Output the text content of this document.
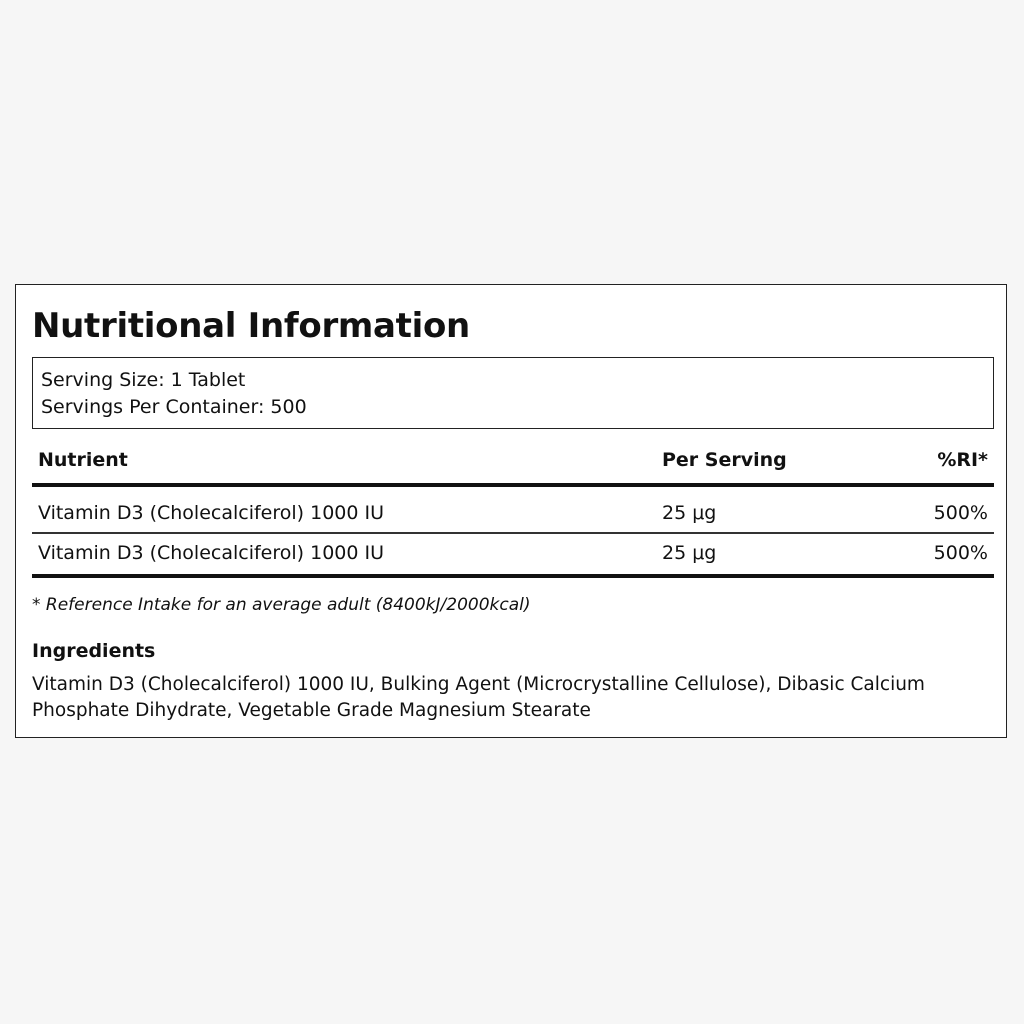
Nutritional Information
Serving Size: 1 Tablet
Servings Per Container: 500
Nutrient	Per Serving	%RI*
Vitamin D3 (Cholecalciferol) 1000 IU	25 μg	500%
Vitamin D3 (Cholecalciferol) 1000 IU	25 μg	500%
* Reference Intake for an average adult (8400kJ/2000kcal)
Ingredients
Vitamin D3 (Cholecalciferol) 1000 IU, Bulking Agent (Microcrystalline Cellulose), Dibasic Calcium Phosphate Dihydrate, Vegetable Grade Magnesium Stearate
